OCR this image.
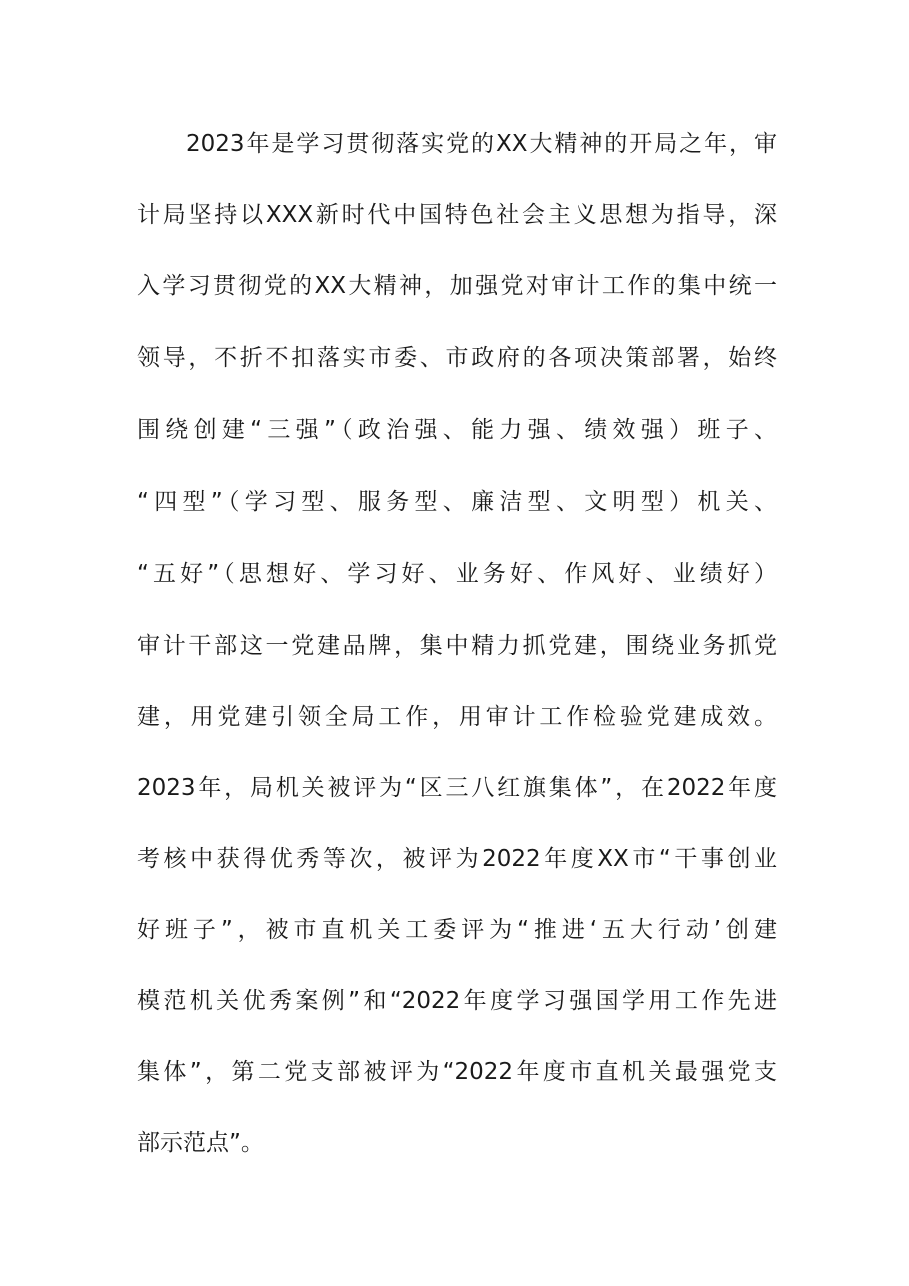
2023年是学习贯彻落实党的XX大精神的开局之年，审
计局坚持以XXX新时代中国特色社会主义思想为指导，深
入学习贯彻党的XX大精神，加强党对审计工作的集中统一
领导，不折不扣落实市委、市政府的各项决策部署，始终
围绕创建“三强”（政治强、能力强、绩效强）班子、
“四型”（学习型、服务型、廉洁型、文明型）机关、
“五好”（思想好、学习好、业务好、作风好、业绩好）
审计干部这一党建品牌，集中精力抓党建，围绕业务抓党
建，用党建引领全局工作，用审计工作检验党建成效。
2023年，局机关被评为“区三八红旗集体”，在2022年度
考核中获得优秀等次，被评为2022年度XX市“干事创业
好班子”，被市直机关工委评为“推进‘五大行动’创建
模范机关优秀案例”和“2022年度学习强国学用工作先进
集体”，第二党支部被评为“2022年度市直机关最强党支
部示范点”。
